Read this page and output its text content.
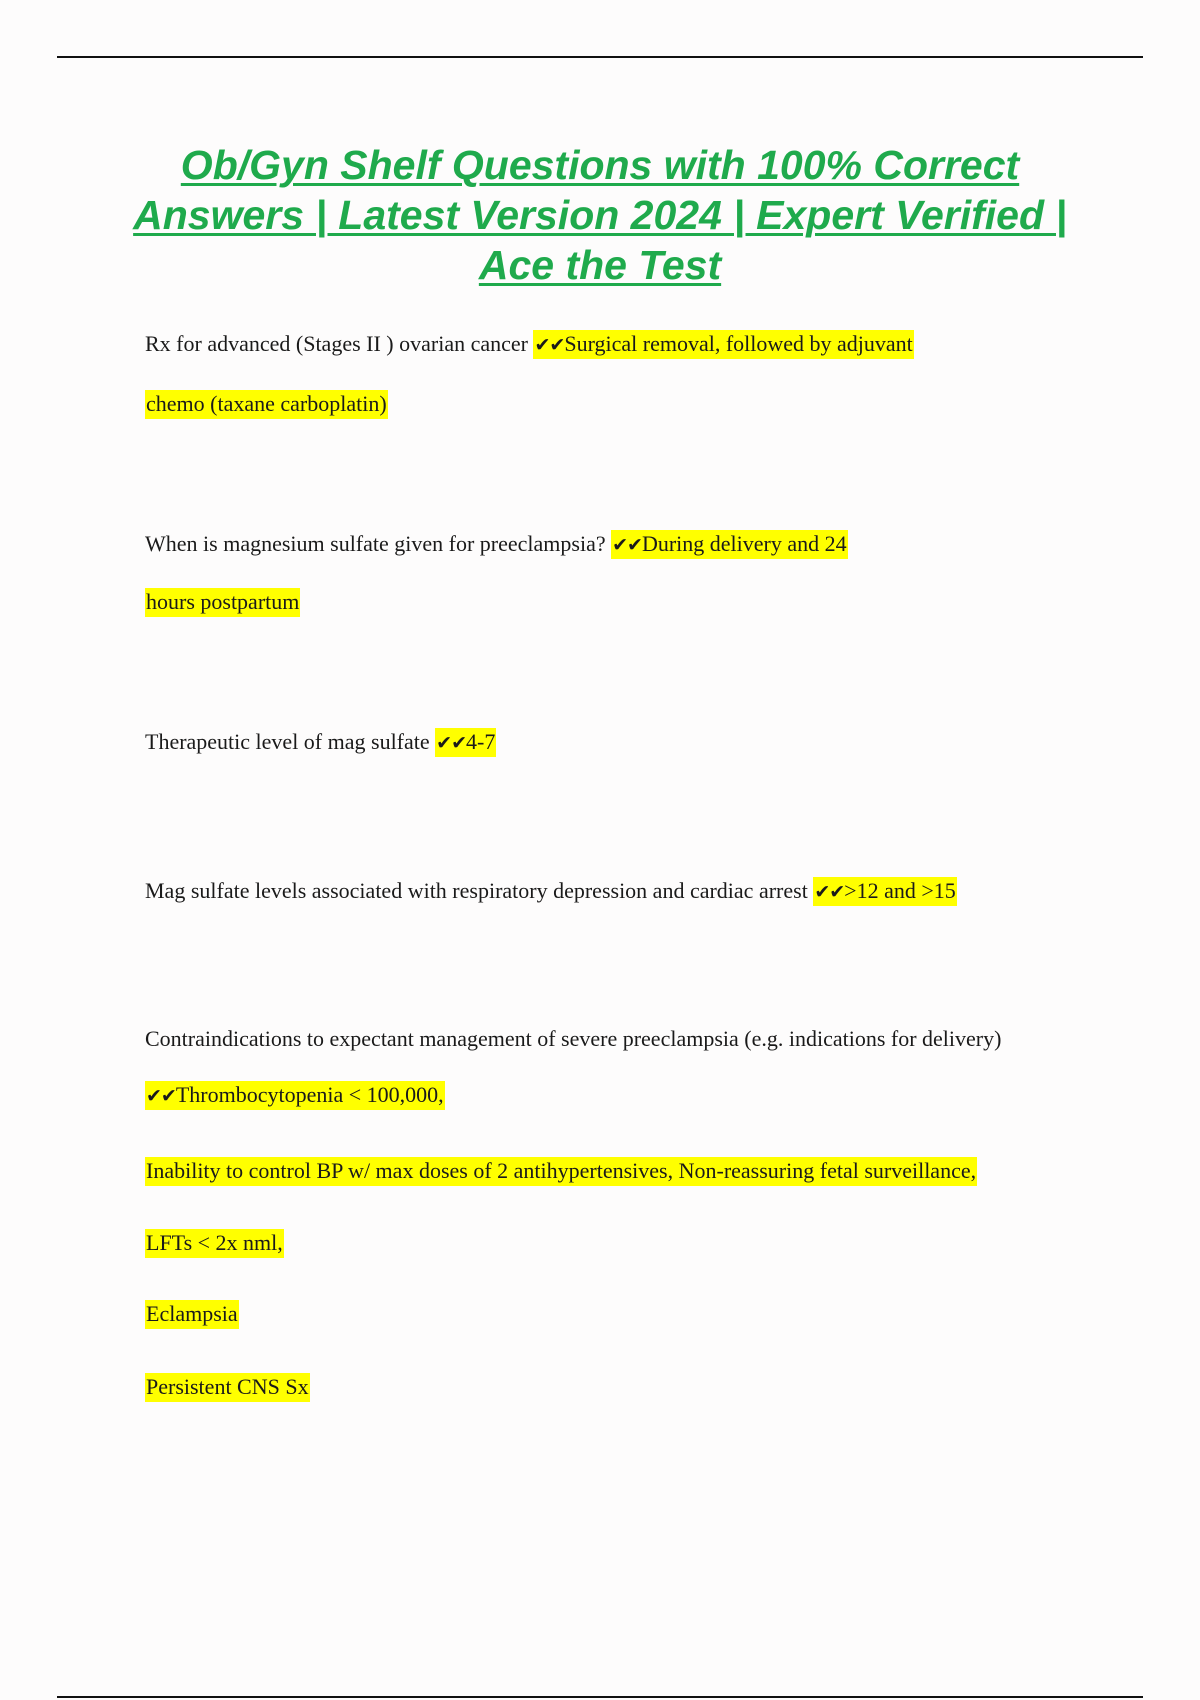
Ob/Gyn Shelf Questions with 100% Correct Answers | Latest Version 2024 | Expert Verified | Ace the Test

Rx for advanced (Stages II ) ovarian cancer ✔✔Surgical removal, followed by adjuvant

chemo (taxane carboplatin)

When is magnesium sulfate given for preeclampsia? ✔✔During delivery and 24

hours postpartum

Therapeutic level of mag sulfate ✔✔4-7

Mag sulfate levels associated with respiratory depression and cardiac arrest ✔✔>12 and >15

Contraindications to expectant management of severe preeclampsia (e.g. indications for delivery)

✔✔Thrombocytopenia < 100,000,

Inability to control BP w/ max doses of 2 antihypertensives, Non-reassuring fetal surveillance,

LFTs < 2x nml,

Eclampsia

Persistent CNS Sx
